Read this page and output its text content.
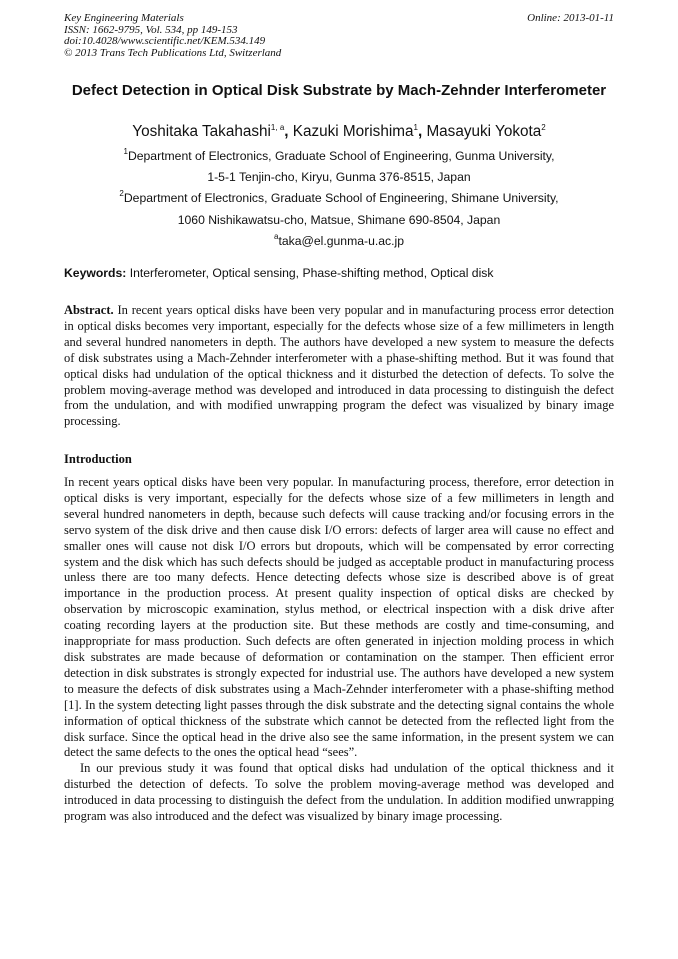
Key Engineering Materials
ISSN: 1662-9795, Vol. 534, pp 149-153
doi:10.4028/www.scientific.net/KEM.534.149
© 2013 Trans Tech Publications Ltd, Switzerland
Online: 2013-01-11
Defect Detection in Optical Disk Substrate by Mach-Zehnder Interferometer
Yoshitaka Takahashi$^{1, a}$, Kazuki Morishima$^1$, Masayuki Yokota$^2$
$^1$Department of Electronics, Graduate School of Engineering, Gunma University,
1-5-1 Tenjin-cho, Kiryu, Gunma 376-8515, Japan
$^2$Department of Electronics, Graduate School of Engineering, Shimane University,
1060 Nishikawatsu-cho, Matsue, Shimane 690-8504, Japan
$^a$taka@el.gunma-u.ac.jp
Keywords: Interferometer, Optical sensing, Phase-shifting method, Optical disk
Abstract. In recent years optical disks have been very popular and in manufacturing process error detection in optical disks becomes very important, especially for the defects whose size of a few millimeters in length and several hundred nanometers in depth. The authors have developed a new system to measure the defects of disk substrates using a Mach-Zehnder interferometer with a phase-shifting method. But it was found that optical disks had undulation of the optical thickness and it disturbed the detection of defects. To solve the problem moving-average method was developed and introduced in data processing to distinguish the defect from the undulation, and with modified unwrapping program the defect was visualized by binary image processing.
Introduction
In recent years optical disks have been very popular. In manufacturing process, therefore, error detection in optical disks is very important, especially for the defects whose size of a few millimeters in length and several hundred nanometers in depth, because such defects will cause tracking and/or focusing errors in the servo system of the disk drive and then cause disk I/O errors: defects of larger area will cause no effect and smaller ones will cause not disk I/O errors but dropouts, which will be compensated by error correcting system and the disk which has such defects should be judged as acceptable product in manufacturing process unless there are too many defects. Hence detecting defects whose size is described above is of great importance in the production process. At present quality inspection of optical disks are checked by observation by microscopic examination, stylus method, or electrical inspection with a disk drive after coating recording layers at the production site. But these methods are costly and time-consuming, and inappropriate for mass production. Such defects are often generated in injection molding process in which disk substrates are made because of deformation or contamination on the stamper. Then efficient error detection in disk substrates is strongly expected for industrial use. The authors have developed a new system to measure the defects of disk substrates using a Mach-Zehnder interferometer with a phase-shifting method [1]. In the system detecting light passes through the disk substrate and the detecting signal contains the whole information of optical thickness of the substrate which cannot be detected from the reflected light from the disk surface. Since the optical head in the drive also see the same information, in the present system we can detect the same defects to the ones the optical head “sees”.
In our previous study it was found that optical disks had undulation of the optical thickness and it disturbed the detection of defects. To solve the problem moving-average method was developed and introduced in data processing to distinguish the defect from the undulation. In addition modified unwrapping program was also introduced and the defect was visualized by binary image processing.
